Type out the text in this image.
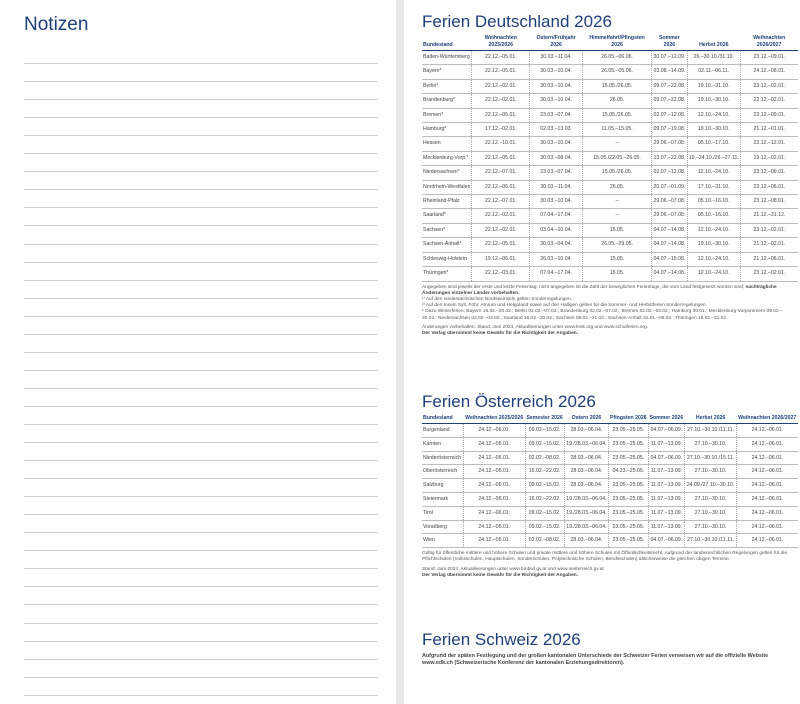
Notizen	Ferien Deutschland 2026
Bundesland	Weihnachten 2025/2026	Ostern/Frühjahr 2026	Himmelfahrt/Pfingsten 2026	Sommer 2026	Herbst 2026	Weihnachten 2026/2027
Baden-Württemberg	22.12.–05.01.	30.03.–11.04.	26.05.–06.06.	30.07.–12.09.	26.–30.10./31.10.	23.12.–09.01.
Bayern*	22.12.–05.01.	30.03.–10.04.	26.05.–05.06.	03.08.–14.09.	02.11.–06.11.	24.12.–08.01.
Berlin*	22.12.–02.01.	30.03.–10.04.	15.05./26.05.	09.07.–22.08.	19.10.–31.10.	23.12.–02.01.
Brandenburg*	22.12.–02.01.	30.03.–10.04.	26.05.	09.07.–22.08.	19.10.–30.10.	22.12.–02.01.
Bremen*	22.12.–05.01.	23.03.–07.04.	15.05./26.05.	02.07.–12.08.	12.10.–24.10.	23.12.–09.01.
Hamburg*	17.12.–02.01.	02.03.–13.03.	11.05.–15.05.	09.07.–19.08.	19.10.–30.10.	21.12.–01.01.
Hessen	22.12.–10.01.	30.03.–10.04.	–	29.06.–07.08.	05.10.–17.10.	23.12.–12.01.
Mecklenburg-Vorp.*	22.12.–05.01.	30.03.–08.04.	15.05./22.05.–26.05.	13.07.–22.08.	19.–24.10./26.–27.11.	19.12.–02.01.
Niedersachsen*	22.12.–07.01.	23.03.–07.04.	15.05./26.05.	02.07.–12.08.	12.10.–24.10.	23.12.–09.01.
Nordrhein-Westfalen	22.12.–06.01.	30.03.–11.04.	26.05.	20.07.–01.09.	17.10.–31.10.	23.12.–06.01.
Rheinland-Pfalz	22.12.–07.01.	30.03.–10.04.	–	29.06.–07.08.	05.10.–16.10.	23.12.–08.01.
Saarland*	22.12.–02.01.	07.04.–17.04.	–	29.06.–07.08.	05.10.–16.10.	21.12.–31.12.
Sachsen*	22.12.–02.01.	03.04.–10.04.	15.05.	04.07.–14.08.	12.10.–24.10.	23.12.–02.01.
Sachsen-Anhalt*	22.12.–05.01.	30.03.–04.04.	26.05.–29.05.	04.07.–14.08.	19.10.–30.10.	21.12.–02.01.
Schleswig-Holstein	19.12.–06.01.	26.03.–10.04.	15.05.	04.07.–15.08.	12.10.–24.10.	21.12.–06.01.
Thüringen*	22.12.–03.01.	07.04.–17.04.	15.05.	04.07.–14.08.	12.10.–24.10.	23.12.–02.01.

Angegeben sind jeweils der erste und letzte Ferientag; nicht angegeben ist die Zahl der beweglichen Ferientage, die vom Land festgesetzt worden sind; nachträgliche Änderungen einzelner Länder vorbehalten.

¹⁾ Auf den niedersächsischen Nordseeinseln gelten Sonderregelungen.

²⁾ Auf den Inseln Sylt, Föhr, Amrum und Helgoland sowie auf den Halligen gelten für die Sommer- und Herbstferien Sonderregelungen.

* Dazu Winterferien: Bayern 16.02.–20.02.; Berlin 02.02.–07.02.; Brandenburg 02.02.–07.02.; Bremen 02.02.–03.02.; Hamburg 30.01.; Mecklenburg-Vorpommern 09.02.–20.02.; Niedersachsen 02.02.–03.02.; Saarland 16.02.–20.02.; Sachsen 09.02.–21.02.; Sachsen-Anhalt 31.01.–06.02.; Thüringen 16.02.–21.02.

Änderungen vorbehalten. Stand: Juni 2024. Aktualisierungen unter www.kmk.org und www.schulferien.org.

Der Verlag übernimmt keine Gewähr für die Richtigkeit der Angaben.

Ferien Österreich 2026
Bundesland	Weihnachten 2025/2026	Semester 2026	Ostern 2026	Pfingsten 2026	Sommer 2026	Herbst 2026	Weihnachten 2026/2027
Burgenland	24.12.–06.01.	09.02.–15.02.	28.03.–06.04.	23.05.–25.05.	04.07.–06.09.	27.10.–30.10./11.11.	24.12.–06.01.
Kärnten	24.12.–06.01.	09.02.–15.02.	19./28.03.–06.04.	23.05.–25.05.	11.07.–13.09.	27.10.–30.10.	24.12.–06.01.
Niederösterreich	24.12.–06.01.	02.02.–08.02.	28.03.–06.04.	23.05.–25.05.	04.07.–06.09.	27.10.–30.10./15.11.	24.12.–06.01.
Oberösterreich	24.12.–06.01.	16.02.–22.02.	28.03.–06.04.	04.23.–25.05.	11.07.–13.09.	27.10.–30.10.	24.12.–06.01.
Salzburg	24.12.–06.01.	09.02.–15.02.	28.03.–06.04.	23.05.–25.05.	11.07.–13.09.	24.09./27.10.–30.10.	24.12.–06.01.
Steiermark	24.12.–06.01.	16.02.–22.02.	19./28.03.–06.04.	23.05.–25.05.	11.07.–13.09.	27.10.–30.10.	24.12.–06.01.
Tirol	24.12.–06.01.	09.02.–15.02.	19./28.03.–06.04.	23.05.–25.05.	11.07.–13.09.	27.10.–30.10.	24.12.–06.01.
Vorarlberg	24.12.–06.01.	09.02.–15.02.	19./28.03.–06.04.	23.05.–25.05.	11.07.–13.09.	27.10.–30.10.	24.12.–06.01.
Wien	24.12.–06.01.	02.02.–08.02.	28.03.–06.04.	23.05.–25.05.	04.07.–06.09.	27.10.–30.10./11.11.	24.12.–06.01.

Gültig für öffentliche mittlere und höhere Schulen und private mittlere und höhere Schulen mit Öffentlichkeitsrecht. Aufgrund der landesrechtlichen Regelungen gelten für die Pflichtschulen (Volksschulen, Hauptschulen, Sonderschulen, Polytechnische Schulen, Berufsschulen) üblicherweise die gleichen obigen Termine.

Stand: Juni 2024. Aktualisierungen unter www.bmbwf.gv.at und www.oesterreich.gv.at.

Der Verlag übernimmt keine Gewähr für die Richtigkeit der Angaben.

Ferien Schweiz 2026
Aufgrund der späten Festlegung und der großen kantonalen Unterschiede der Schweizer Ferien verweisen wir auf die offizielle Website www.edk.ch (Schweizerische Konferenz der kantonalen Erziehungsdirektoren).
